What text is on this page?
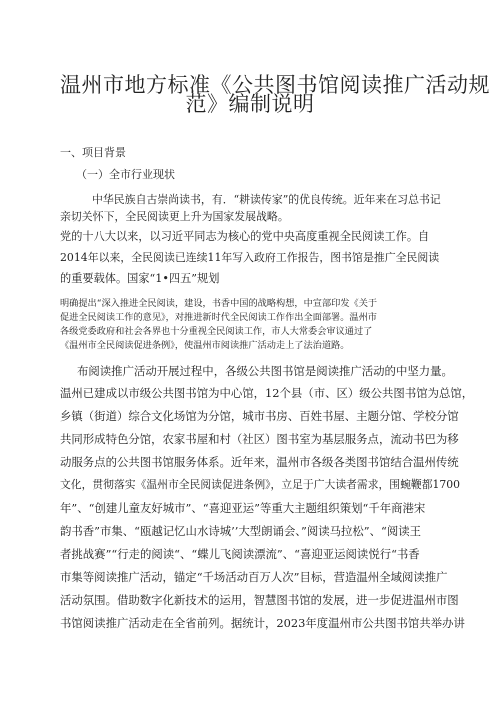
温州市地方标准《公共图书馆阅读推广活动规
范》编制说明
一、项目背景
（一）全市行业现状
中华民族自古崇尚读书，有．“耕读传家”的优良传统。近年来在习总书记
亲切关怀下，全民阅读更上升为国家发展战略。
党的十八大以来，以习近平同志为核心的党中央高度重视全民阅读工作。自
2014年以来，全民阅读已连续11年写入政府工作报告，图书馆是推广全民阅读
的重要载体。国家“1•四五”规划
明确提出“深入推进全民阅读，建设，书香中国的战略构想，中宣部印发《关于
促进全民阅读工作的意见》，对推进新时代全民阅读工作作出全面部署。温州市
各级党委政府和社会各界也十分重视全民阅读工作，市人大常委会审议通过了
《温州市全民阅读促进条例》，使温州市阅读推广活动走上了法治道路。
布阅读推广活动开展过程中，各级公共图书馆是阅读推广活动的中坚力量。
温州已建成以市级公共图书馆为中心馆，12个县（市、区）级公共图书馆为总馆，
乡镇（街道）综合文化场馆为分馆，城市书房、百姓书屋、主题分馆、学校分馆
共同形成特色分馆，农家书屋和村（社区）图书室为基层服务点，流动书巴为移
动服务点的公共图书馆服务体系。近年来，温州市各级各类图书馆结合温州传统
文化，贯彻落实《温州市全民阅读促进条例》，立足于广大读者需求，围蜿鞭都1700
年”、“创建儿童友好城市”、“喜迎亚运”等重大主题组织策划“千年商港宋
韵书香”市集、“瓯越记忆山水诗城’’大型朗诵会、”阅读马拉松”、“阅读王
者挑战赛”“行走的阅读“、“蝶儿飞阅读漂流”、“喜迎亚运阅读悦行“书香
市集等阅读推广活动，锚定“千场活动百万人次”目标，营造温州全域阅读推广
活动氛围。借助数字化新技术的运用，智慧图书馆的发展，进一步促进温州市图
书馆阅读推广活动走在全省前列。据统计，2023年度温州市公共图书馆共举办讲
